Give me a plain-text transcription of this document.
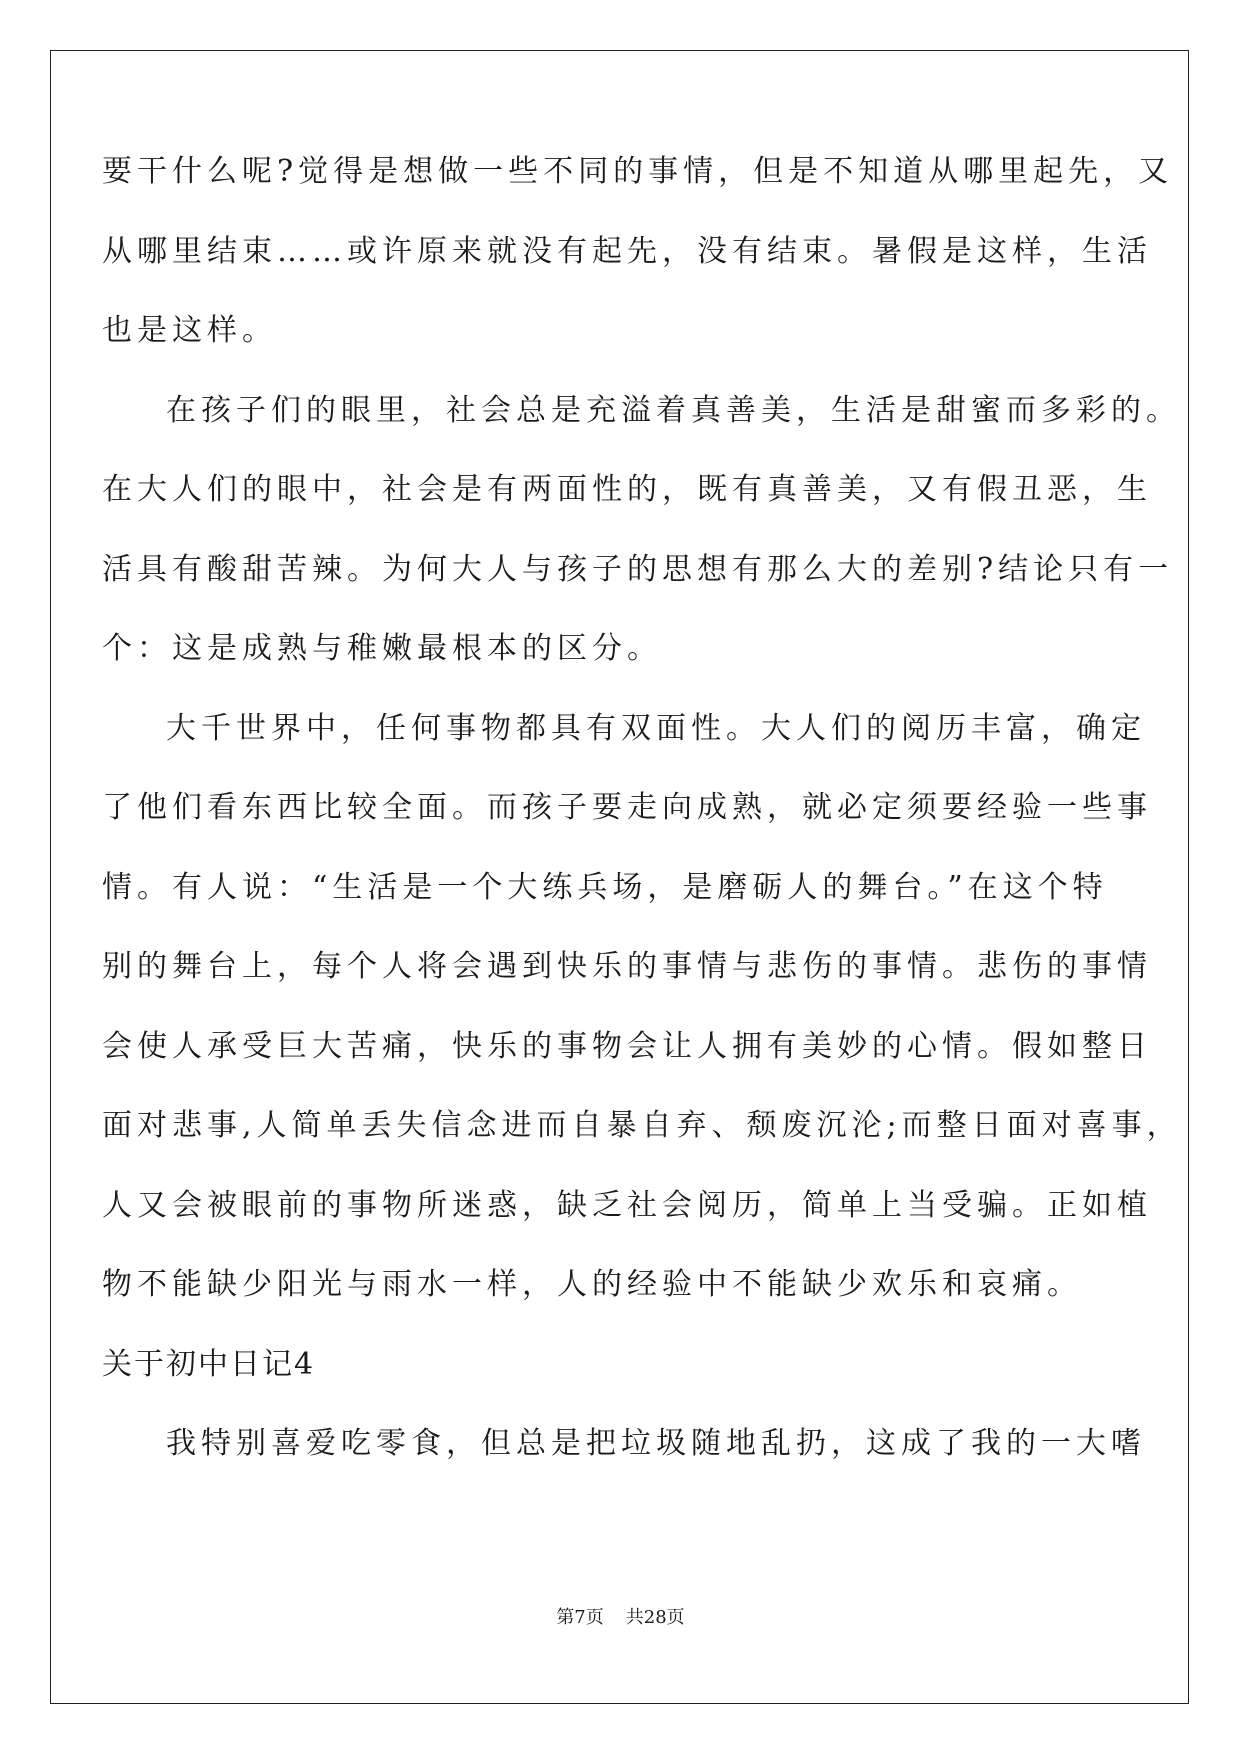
要干什么呢?觉得是想做一些不同的事情，但是不知道从哪里起先，又
从哪里结束……或许原来就没有起先，没有结束。暑假是这样，生活
也是这样。
在孩子们的眼里，社会总是充溢着真善美，生活是甜蜜而多彩的。
在大人们的眼中，社会是有两面性的，既有真善美，又有假丑恶，生
活具有酸甜苦辣。为何大人与孩子的思想有那么大的差别?结论只有一
个：这是成熟与稚嫩最根本的区分。
大千世界中，任何事物都具有双面性。大人们的阅历丰富，确定
了他们看东西比较全面。而孩子要走向成熟，就必定须要经验一些事
情。有人说：“生活是一个大练兵场，是磨砺人的舞台。”在这个特
别的舞台上，每个人将会遇到快乐的事情与悲伤的事情。悲伤的事情
会使人承受巨大苦痛，快乐的事物会让人拥有美妙的心情。假如整日
面对悲事,人简单丢失信念进而自暴自弃、颓废沉沦;而整日面对喜事，
人又会被眼前的事物所迷惑，缺乏社会阅历，简单上当受骗。正如植
物不能缺少阳光与雨水一样，人的经验中不能缺少欢乐和哀痛。
关于初中日记4
我特别喜爱吃零食，但总是把垃圾随地乱扔，这成了我的一大嗜
第7页 共28页
